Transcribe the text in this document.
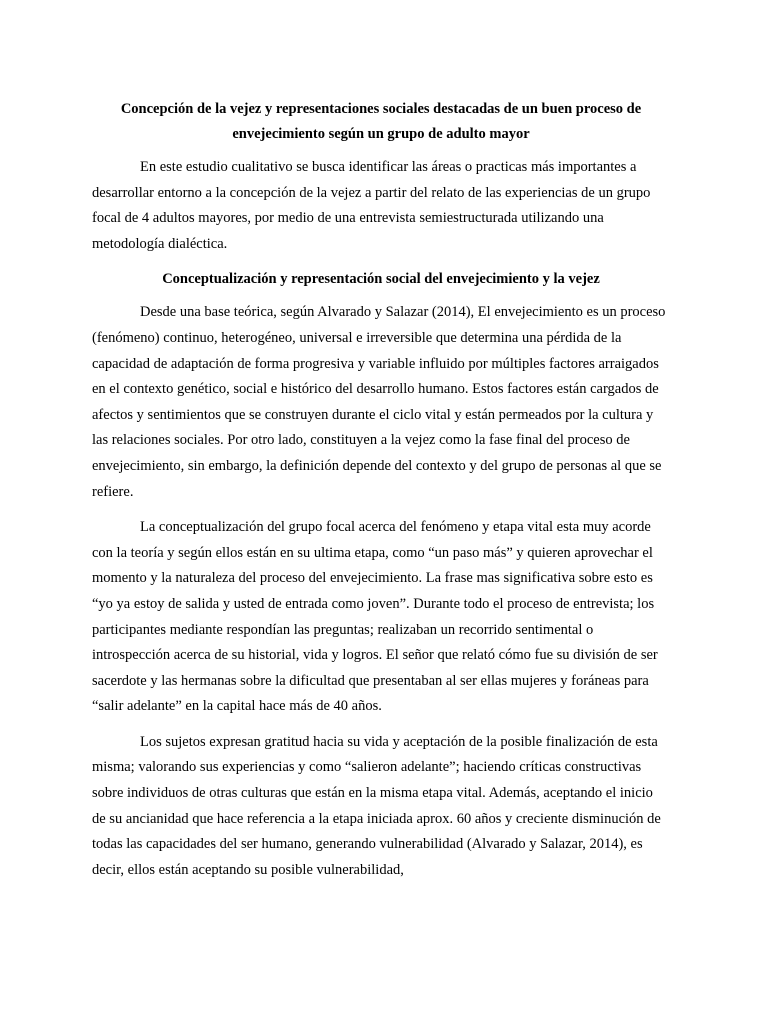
Concepción de la vejez y representaciones sociales destacadas de un buen proceso de envejecimiento según un grupo de adulto mayor

En este estudio cualitativo se busca identificar las áreas o practicas más importantes a desarrollar entorno a la concepción de la vejez a partir del relato de las experiencias de un grupo focal de 4 adultos mayores, por medio de una entrevista semiestructurada utilizando una metodología dialéctica.

Conceptualización y representación social del envejecimiento y la vejez

Desde una base teórica, según Alvarado y Salazar (2014), El envejecimiento es un proceso (fenómeno) continuo, heterogéneo, universal e irreversible que determina una pérdida de la capacidad de adaptación de forma progresiva y variable influido por múltiples factores arraigados en el contexto genético, social e histórico del desarrollo humano. Estos factores están cargados de afectos y sentimientos que se construyen durante el ciclo vital y están permeados por la cultura y las relaciones sociales. Por otro lado, constituyen a la vejez como la fase final del proceso de envejecimiento, sin embargo, la definición depende del contexto y del grupo de personas al que se refiere.

La conceptualización del grupo focal acerca del fenómeno y etapa vital esta muy acorde con la teoría y según ellos están en su ultima etapa, como “un paso más” y quieren aprovechar el momento y la naturaleza del proceso del envejecimiento. La frase mas significativa sobre esto es “yo ya estoy de salida y usted de entrada como joven”. Durante todo el proceso de entrevista; los participantes mediante respondían las preguntas; realizaban un recorrido sentimental o introspección acerca de su historial, vida y logros. El señor que relató cómo fue su división de ser sacerdote y las hermanas sobre la dificultad que presentaban al ser ellas mujeres y foráneas para “salir adelante” en la capital hace más de 40 años.

Los sujetos expresan gratitud hacia su vida y aceptación de la posible finalización de esta misma; valorando sus experiencias y como “salieron adelante”; haciendo críticas constructivas sobre individuos de otras culturas que están en la misma etapa vital. Además, aceptando el inicio de su ancianidad que hace referencia a la etapa iniciada aprox. 60 años y creciente disminución de todas las capacidades del ser humano, generando vulnerabilidad (Alvarado y Salazar, 2014), es decir, ellos están aceptando su posible vulnerabilidad,
